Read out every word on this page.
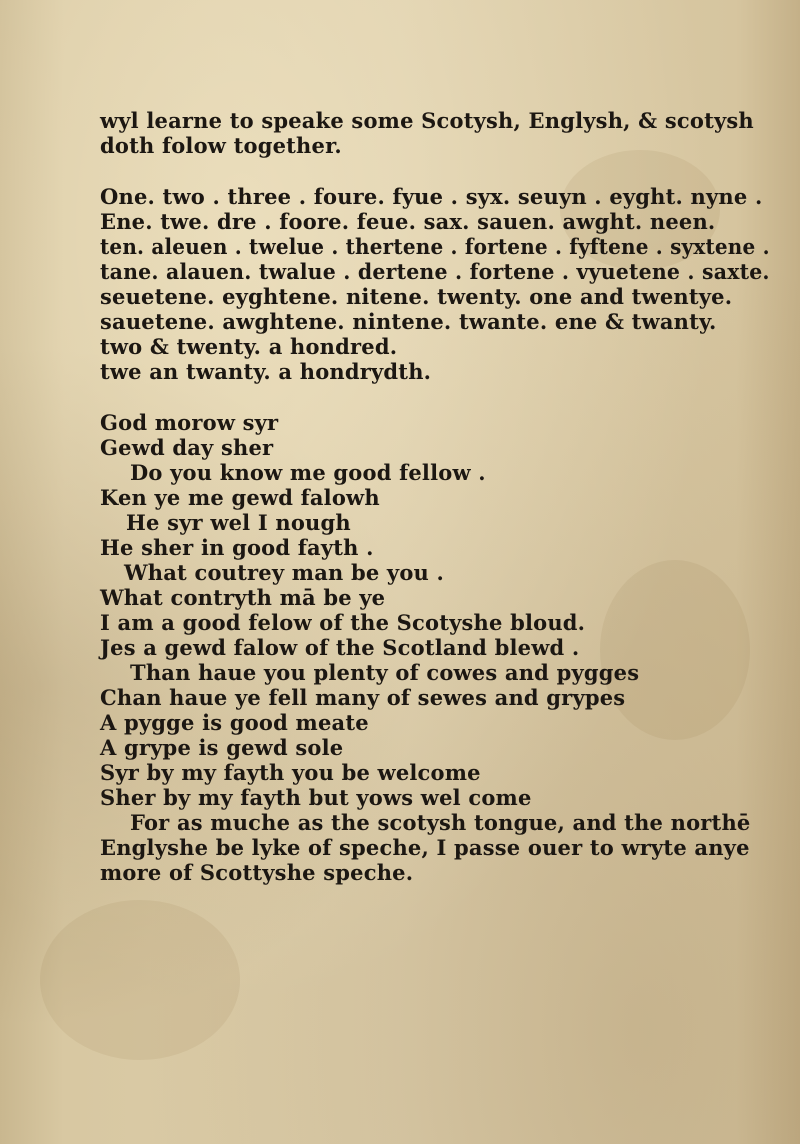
wyl learne to speake some Scotysh, Englysh, & scotysh
doth folow together.
One. two . three . foure. fyue . syx. seuyn . eyght. nyne .
Ene. twe. dre . foore. feue. sax. sauen. awght. neen.
ten. aleuen . twelue . thertene . fortene . fyftene . syxtene .
tane. alauen. twalue . dertene . fortene . vyuetene . saxte.
seuetene. eyghtene. nitene. twenty. one and twentye.
sauetene. awghtene. nintene. twante. ene & twanty.
two & twenty. a hondred.
twe an twanty. a hondrydth.
God morow syr
Gewd day sher
Do you know me good fellow .
Ken ye me gewd falowh
He syr wel I nough
He sher in good fayth .
What coutrey man be you .
What contryth mā be ye
I am a good felow of the Scotyshe bloud.
Jes a gewd falow of the Scotland blewd .
Than haue you plenty of cowes and pygges
Chan haue ye fell many of sewes and grypes
A pygge is good meate
A grype is gewd sole
Syr by my fayth you be welcome
Sher by my fayth but yows wel come
For as muche as the scotysh tongue, and the northē
Englyshe be lyke of speche, I passe ouer to wryte anye
more of Scottyshe speche.
